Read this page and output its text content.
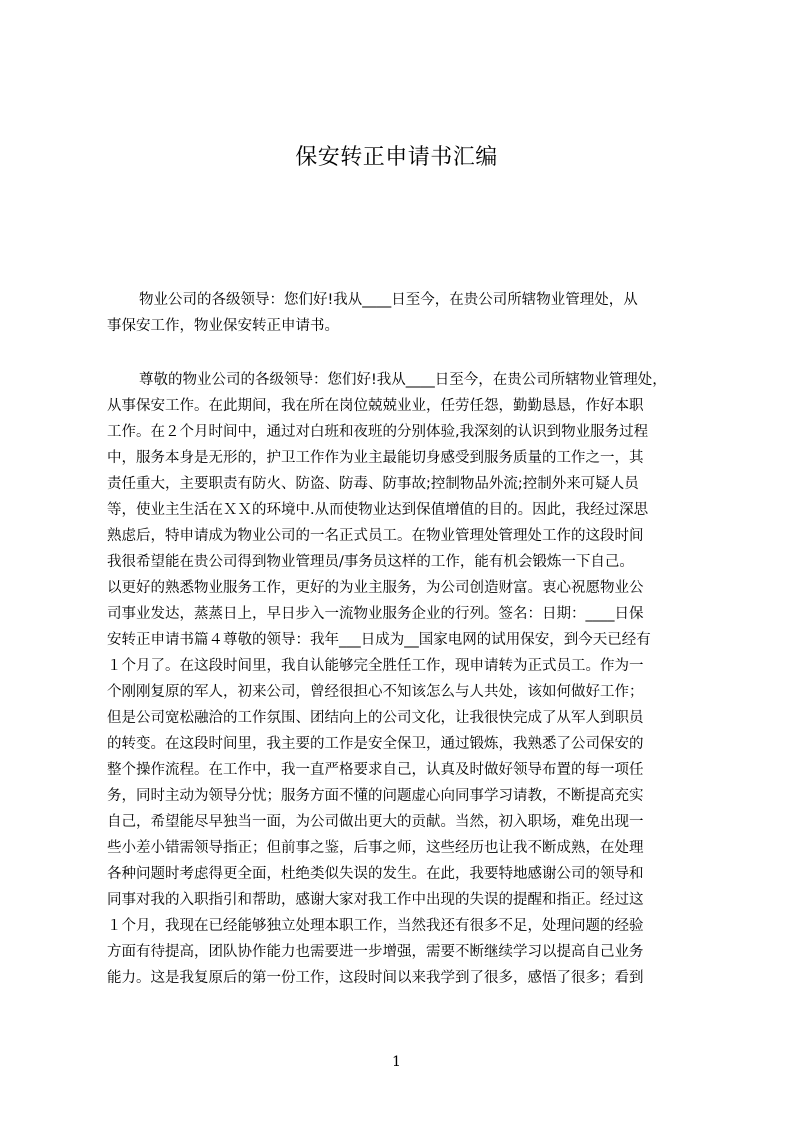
保安转正申请书汇编

物业公司的各级领导：您们好!我从____日至今，在贵公司所辖物业管理处，从

事保安工作，物业保安转正申请书。

尊敬的物业公司的各级领导：您们好!我从____日至今，在贵公司所辖物业管理处，

从事保安工作。在此期间，我在所在岗位兢兢业业，任劳任怨，勤勤恳恳，作好本职

工作。在２个月时间中，通过对白班和夜班的分别体验,我深刻的认识到物业服务过程

中，服务本身是无形的，护卫工作作为业主最能切身感受到服务质量的工作之一，其

责任重大，主要职责有防火、防盗、防毒、防事故;控制物品外流;控制外来可疑人员

等，使业主生活在ＸＸ的环境中.从而使物业达到保值增值的目的。因此，我经过深思

熟虑后，特申请成为物业公司的一名正式员工。在物业管理处管理处工作的这段时间

我很希望能在贵公司得到物业管理员/事务员这样的工作，能有机会锻炼一下自己。

以更好的熟悉物业服务工作，更好的为业主服务，为公司创造财富。衷心祝愿物业公

司事业发达，蒸蒸日上，早日步入一流物业服务企业的行列。签名：日期：____日保

安转正申请书篇４尊敬的领导：我年___日成为__国家电网的试用保安，到今天已经有

１个月了。在这段时间里，我自认能够完全胜任工作，现申请转为正式员工。作为一

个刚刚复原的军人，初来公司，曾经很担心不知该怎么与人共处，该如何做好工作；

但是公司宽松融洽的工作氛围、团结向上的公司文化，让我很快完成了从军人到职员

的转变。在这段时间里，我主要的工作是安全保卫，通过锻炼，我熟悉了公司保安的

整个操作流程。在工作中，我一直严格要求自己，认真及时做好领导布置的每一项任

务，同时主动为领导分忧；服务方面不懂的问题虚心向同事学习请教，不断提高充实

自己，希望能尽早独当一面，为公司做出更大的贡献。当然，初入职场，难免出现一

些小差小错需领导指正；但前事之鉴，后事之师，这些经历也让我不断成熟，在处理

各种问题时考虑得更全面，杜绝类似失误的发生。在此，我要特地感谢公司的领导和

同事对我的入职指引和帮助，感谢大家对我工作中出现的失误的提醒和指正。经过这

１个月，我现在已经能够独立处理本职工作，当然我还有很多不足，处理问题的经验

方面有待提高，团队协作能力也需要进一步增强，需要不断继续学习以提高自己业务

能力。这是我复原后的第一份工作，这段时间以来我学到了很多，感悟了很多；看到

1
